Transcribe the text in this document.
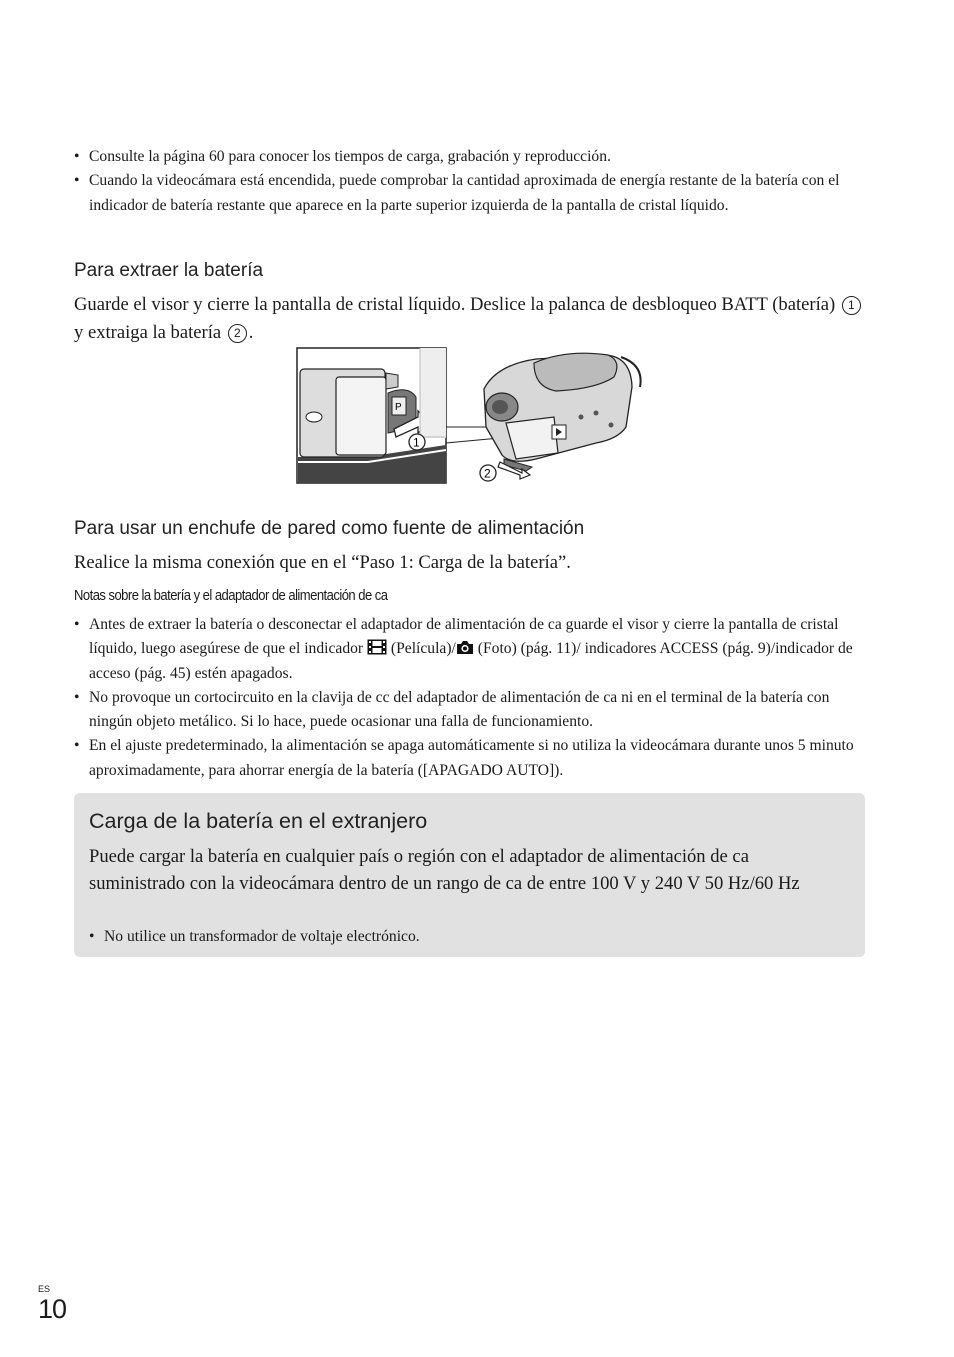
• Consulte la página 60 para conocer los tiempos de carga, grabación y reproducción.
• Cuando la videocámara está encendida, puede comprobar la cantidad aproximada de energía restante de la batería con el indicador de batería restante que aparece en la parte superior izquierda de la pantalla de cristal líquido.
Para extraer la batería
Guarde el visor y cierre la pantalla de cristal líquido. Deslice la palanca de desbloqueo BATT (batería) 1 y extraiga la batería 2 .
P
1
2
Para usar un enchufe de pared como fuente de alimentación
Realice la misma conexión que en el “Paso 1: Carga de la batería”.
Notas sobre la batería y el adaptador de alimentación de ca
• Antes de extraer la batería o desconectar el adaptador de alimentación de ca guarde el visor y cierre la pantalla de cristal líquido, luego asegúrese de que el indicador (Película)/ (Foto) (pág. 11)/ indicadores ACCESS (pág. 9)/indicador de acceso (pág. 45) estén apagados.
• No provoque un cortocircuito en la clavija de cc del adaptador de alimentación de ca ni en el terminal de la batería con ningún objeto metálico. Si lo hace, puede ocasionar una falla de funcionamiento.
• En el ajuste predeterminado, la alimentación se apaga automáticamente si no utiliza la videocámara durante unos 5 minuto aproximadamente, para ahorrar energía de la batería ([APAGADO AUTO]).
Carga de la batería en el extranjero
Puede cargar la batería en cualquier país o región con el adaptador de alimentación de ca suministrado con la videocámara dentro de un rango de ca de entre 100 V y 240 V 50 Hz/60 Hz
• No utilice un transformador de voltaje electrónico.
ES
10
